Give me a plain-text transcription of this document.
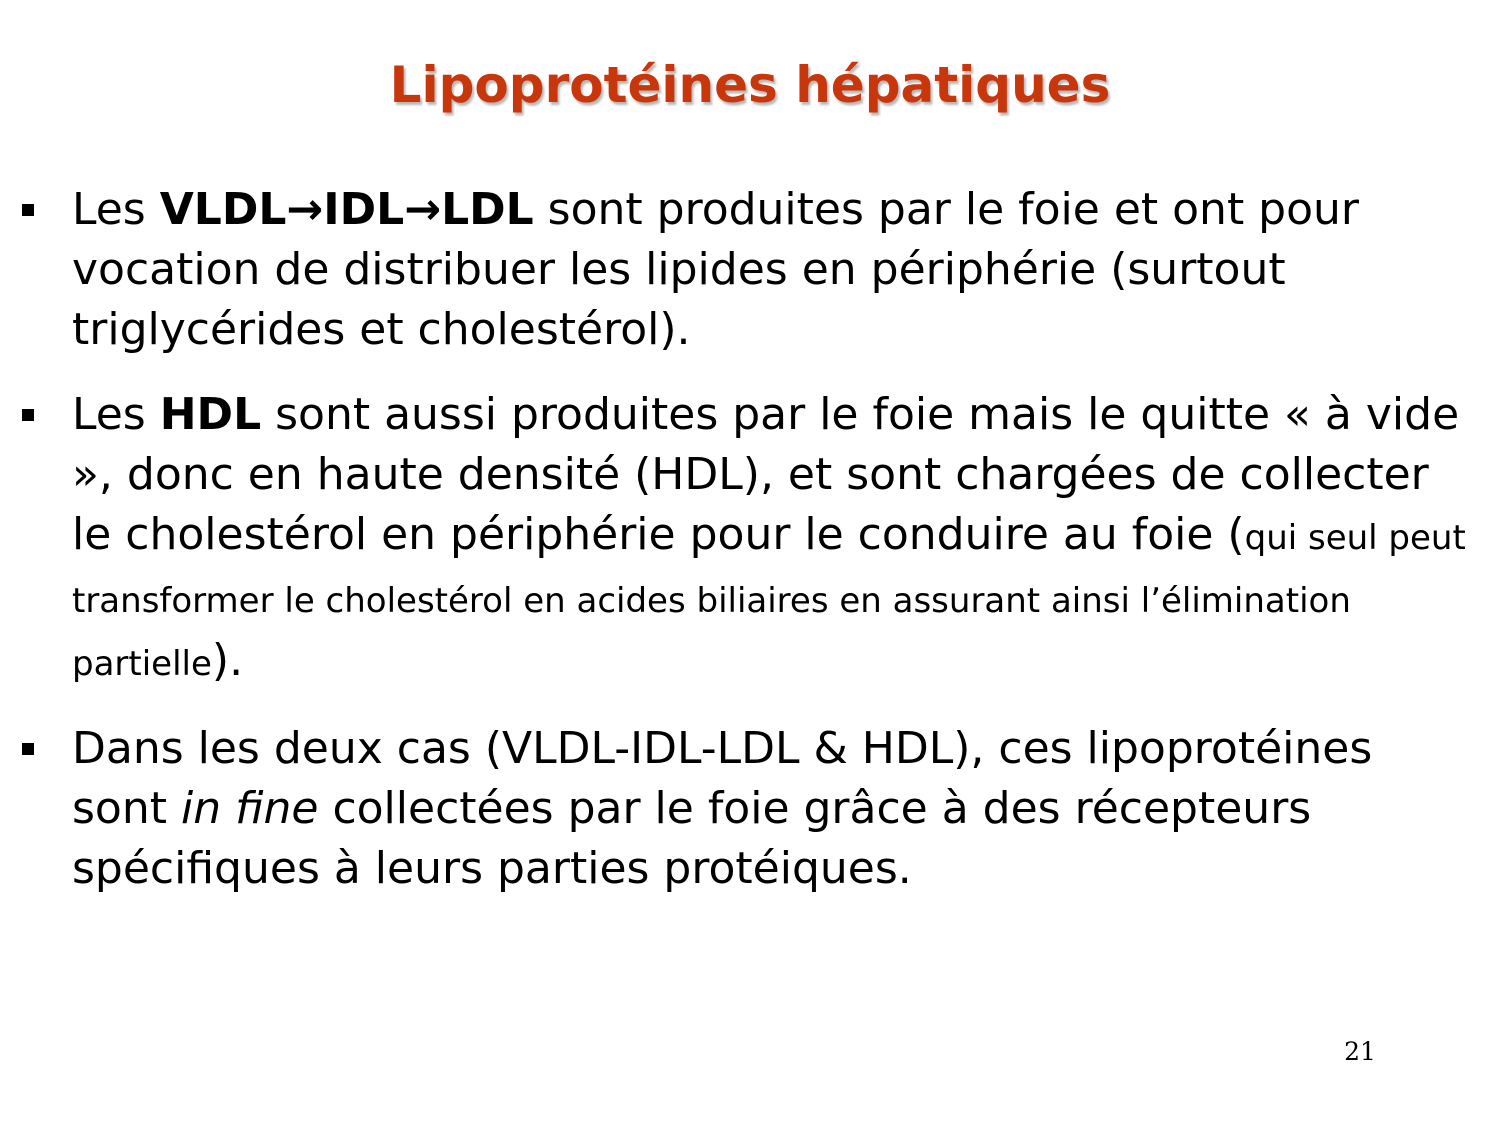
Lipoprotéines hépatiques
Les VLDL→IDL→LDL sont produites par le foie et ont pour vocation de distribuer les lipides en périphérie (surtout triglycérides et cholestérol).
Les HDL sont aussi produites par le foie mais le quitte « à vide », donc en haute densité (HDL), et sont chargées de collecter le cholestérol en périphérie pour le conduire au foie (qui seul peut transformer le cholestérol en acides biliaires en assurant ainsi l’élimination partielle).
Dans les deux cas (VLDL-IDL-LDL & HDL), ces lipoprotéines sont in fine collectées par le foie grâce à des récepteurs spécifiques à leurs parties protéiques.
21
